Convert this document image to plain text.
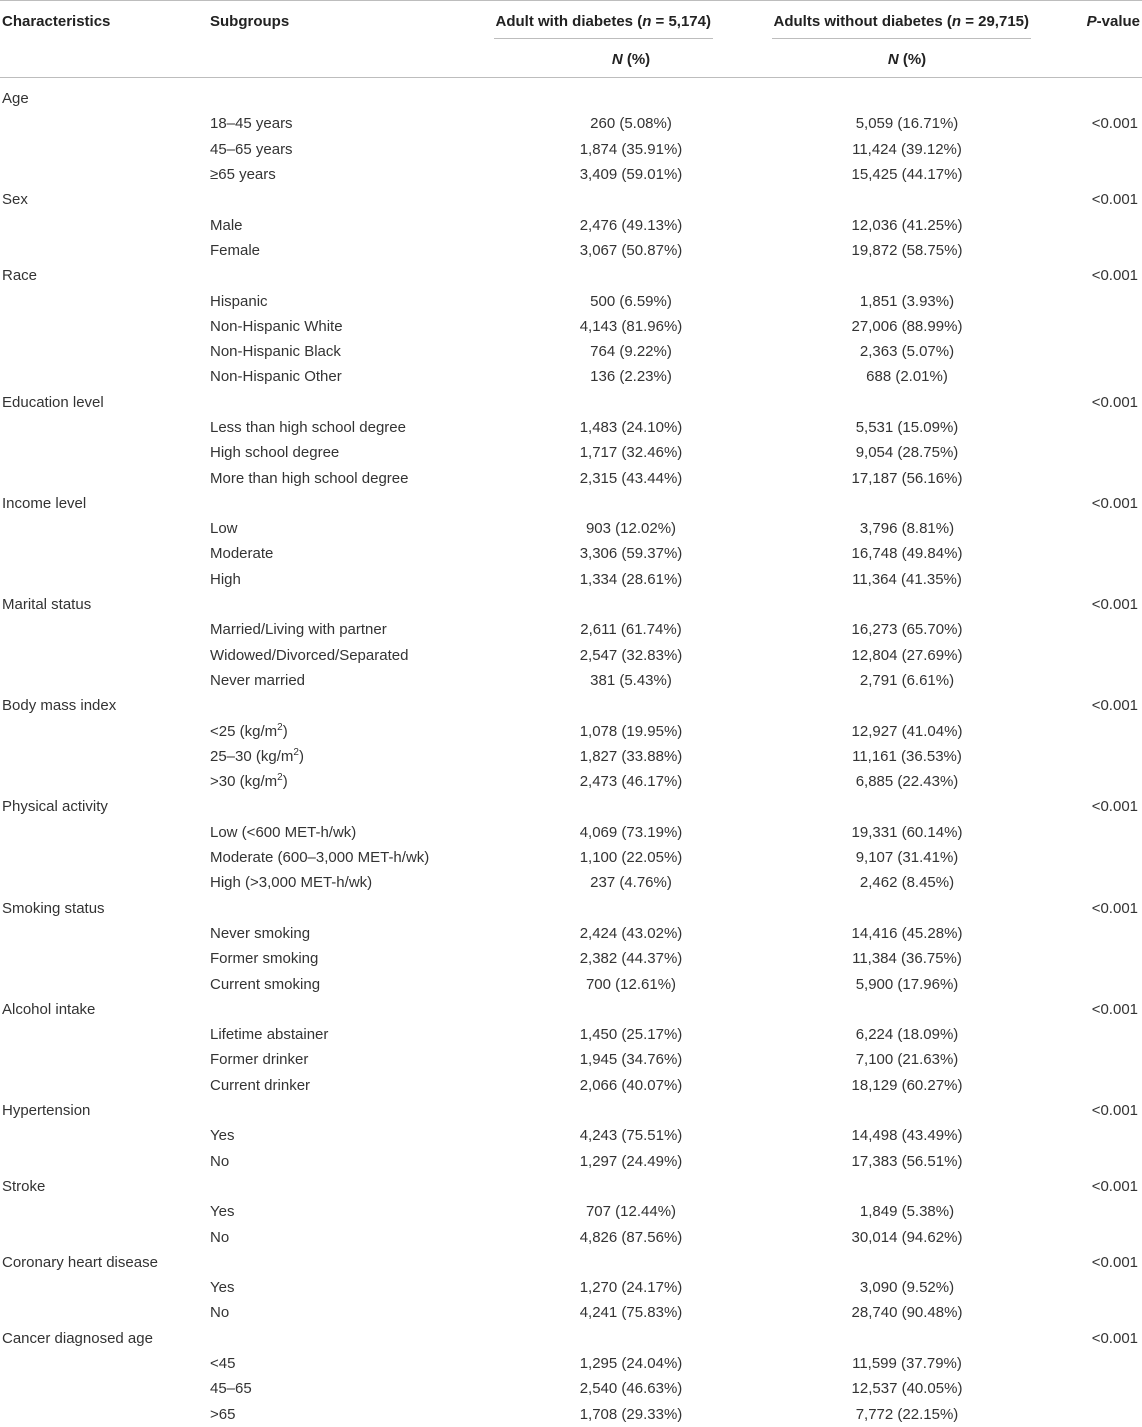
Characteristics	Subgroups	Adult with diabetes (n = 5,174)	Adults without diabetes (n = 29,715)	P-value
		N (%)	N (%)	

Age				
	18–45 years	260 (5.08%)	5,059 (16.71%)	<0.001
	45–65 years	1,874 (35.91%)	11,424 (39.12%)	
	≥65 years	3,409 (59.01%)	15,425 (44.17%)	
Sex				<0.001
	Male	2,476 (49.13%)	12,036 (41.25%)	
	Female	3,067 (50.87%)	19,872 (58.75%)	
Race				<0.001
	Hispanic	500 (6.59%)	1,851 (3.93%)	
	Non-Hispanic White	4,143 (81.96%)	27,006 (88.99%)	
	Non-Hispanic Black	764 (9.22%)	2,363 (5.07%)	
	Non-Hispanic Other	136 (2.23%)	688 (2.01%)	
Education level				<0.001
	Less than high school degree	1,483 (24.10%)	5,531 (15.09%)	
	High school degree	1,717 (32.46%)	9,054 (28.75%)	
	More than high school degree	2,315 (43.44%)	17,187 (56.16%)	
Income level				<0.001
	Low	903 (12.02%)	3,796 (8.81%)	
	Moderate	3,306 (59.37%)	16,748 (49.84%)	
	High	1,334 (28.61%)	11,364 (41.35%)	
Marital status				<0.001
	Married/Living with partner	2,611 (61.74%)	16,273 (65.70%)	
	Widowed/Divorced/Separated	2,547 (32.83%)	12,804 (27.69%)	
	Never married	381 (5.43%)	2,791 (6.61%)	
Body mass index				<0.001
	<25 $(kg/m^2)$	1,078 (19.95%)	12,927 (41.04%)	
	25–30 $(kg/m^2)$	1,827 (33.88%)	11,161 (36.53%)	
	>30 $(kg/m^2)$	2,473 (46.17%)	6,885 (22.43%)	
Physical activity				<0.001
	Low (<600 MET-h/wk)	4,069 (73.19%)	19,331 (60.14%)	
	Moderate (600–3,000 MET-h/wk)	1,100 (22.05%)	9,107 (31.41%)	
	High (>3,000 MET-h/wk)	237 (4.76%)	2,462 (8.45%)	
Smoking status				<0.001
	Never smoking	2,424 (43.02%)	14,416 (45.28%)	
	Former smoking	2,382 (44.37%)	11,384 (36.75%)	
	Current smoking	700 (12.61%)	5,900 (17.96%)	
Alcohol intake				<0.001
	Lifetime abstainer	1,450 (25.17%)	6,224 (18.09%)	
	Former drinker	1,945 (34.76%)	7,100 (21.63%)	
	Current drinker	2,066 (40.07%)	18,129 (60.27%)	
Hypertension				<0.001
	Yes	4,243 (75.51%)	14,498 (43.49%)	
	No	1,297 (24.49%)	17,383 (56.51%)	
Stroke				<0.001
	Yes	707 (12.44%)	1,849 (5.38%)	
	No	4,826 (87.56%)	30,014 (94.62%)	
Coronary heart disease				<0.001
	Yes	1,270 (24.17%)	3,090 (9.52%)	
	No	4,241 (75.83%)	28,740 (90.48%)	
Cancer diagnosed age				<0.001
	<45	1,295 (24.04%)	11,599 (37.79%)	
	45–65	2,540 (46.63%)	12,537 (40.05%)	
	>65	1,708 (29.33%)	7,772 (22.15%)	
